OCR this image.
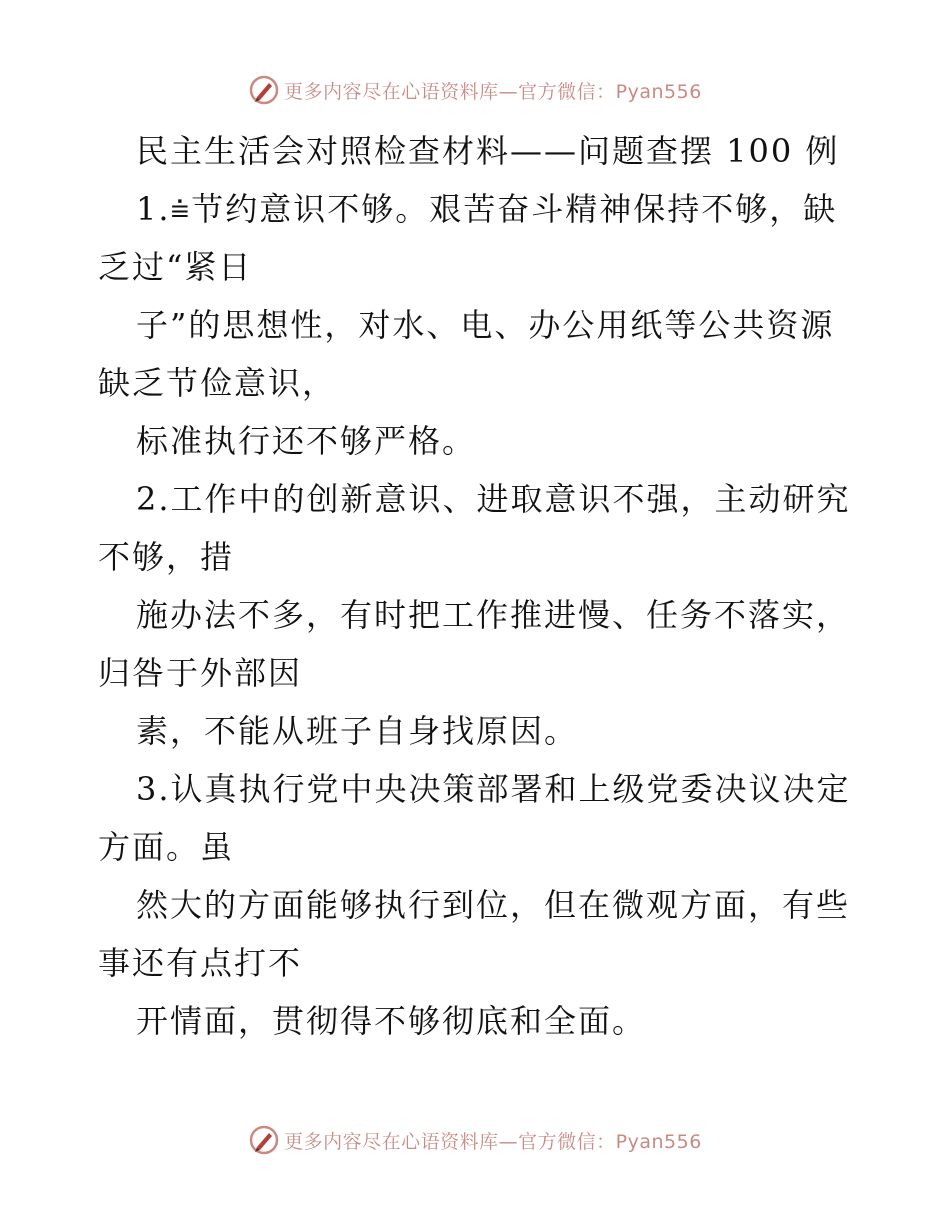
更多内容尽在心语资料库—官方微信：Pyan556
民主生活会对照检查材料——问题查摆 100 例
1.⩧节约意识不够。艰苦奋斗精神保持不够，缺
乏过“紧日
子”的思想性，对水、电、办公用纸等公共资源
缺乏节俭意识，
标准执行还不够严格。
2.工作中的创新意识、进取意识不强，主动研究
不够，措
施办法不多，有时把工作推进慢、任务不落实，
归咎于外部因
素，不能从班子自身找原因。
3.认真执行党中央决策部署和上级党委决议决定
方面。虽
然大的方面能够执行到位，但在微观方面，有些
事还有点打不
开情面，贯彻得不够彻底和全面。
更多内容尽在心语资料库—官方微信：Pyan556
